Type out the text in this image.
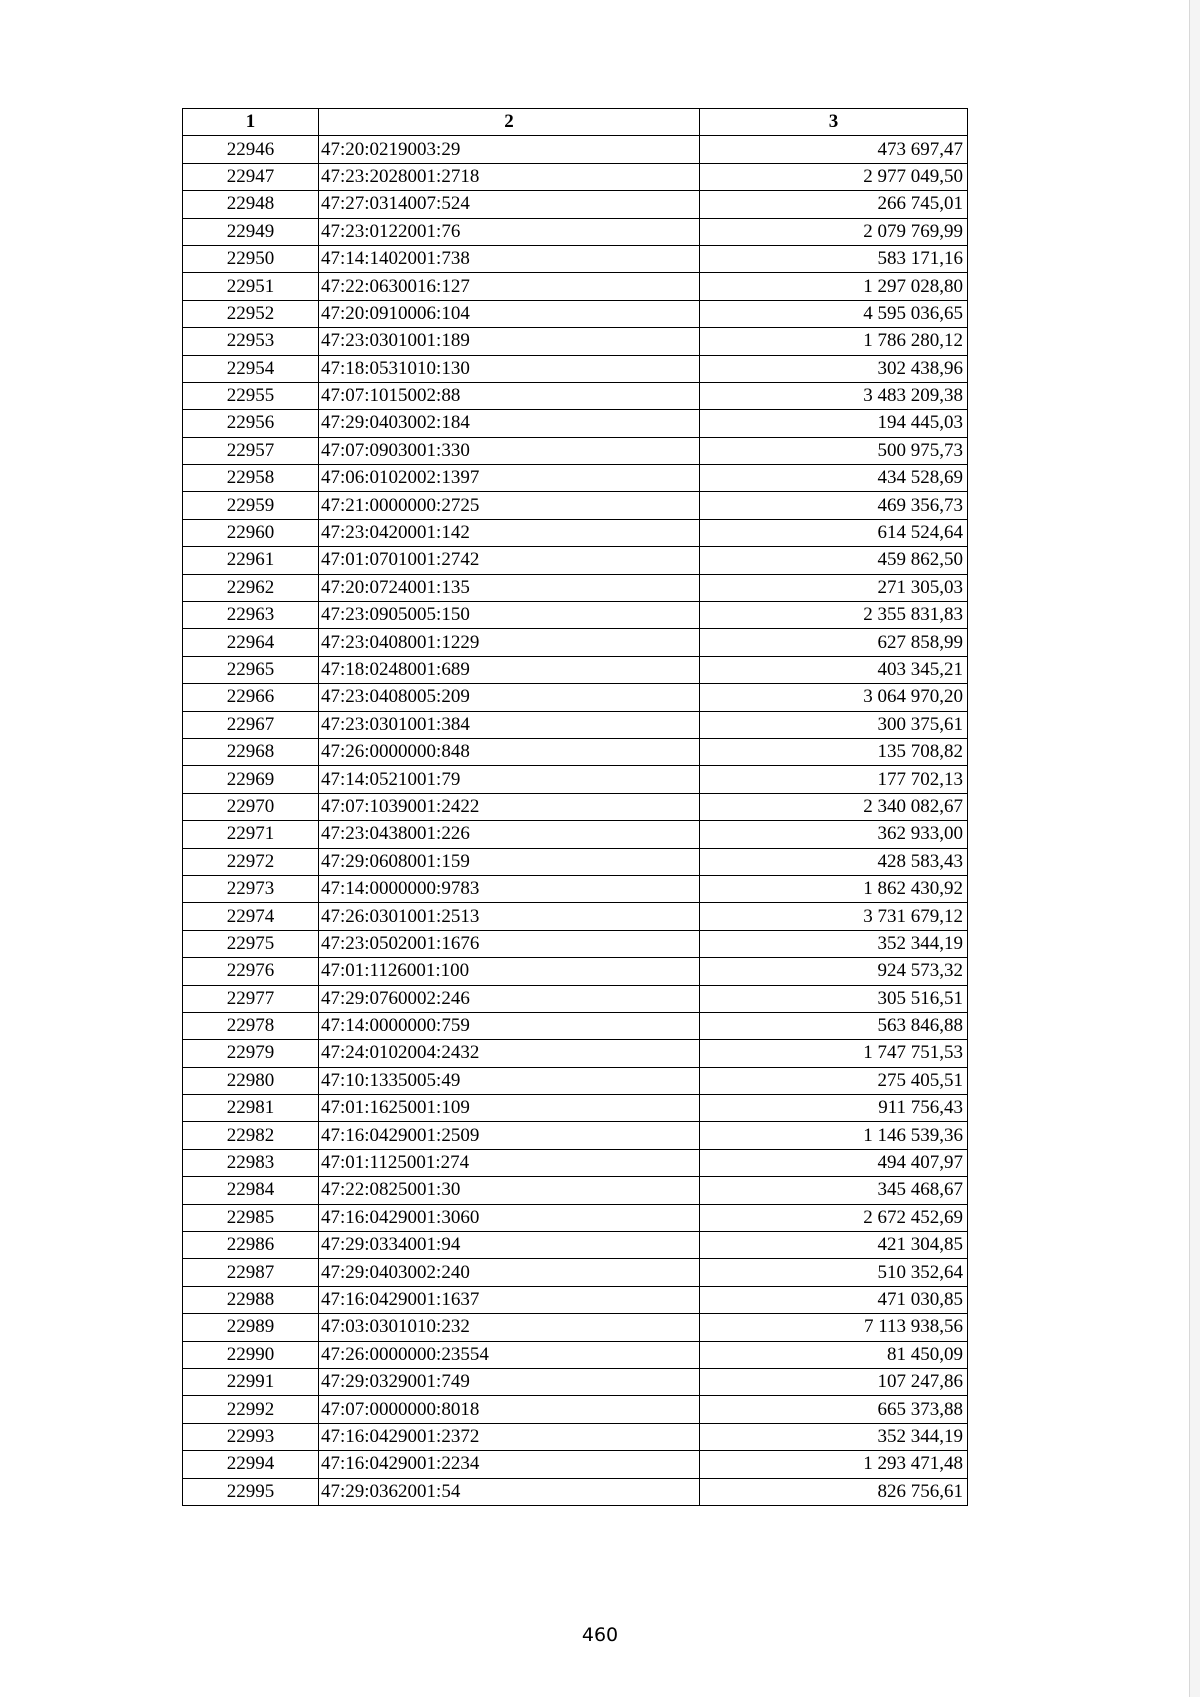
1	2	3
22946	47:20:0219003:29	473 697,47
22947	47:23:2028001:2718	2 977 049,50
22948	47:27:0314007:524	266 745,01
22949	47:23:0122001:76	2 079 769,99
22950	47:14:1402001:738	583 171,16
22951	47:22:0630016:127	1 297 028,80
22952	47:20:0910006:104	4 595 036,65
22953	47:23:0301001:189	1 786 280,12
22954	47:18:0531010:130	302 438,96
22955	47:07:1015002:88	3 483 209,38
22956	47:29:0403002:184	194 445,03
22957	47:07:0903001:330	500 975,73
22958	47:06:0102002:1397	434 528,69
22959	47:21:0000000:2725	469 356,73
22960	47:23:0420001:142	614 524,64
22961	47:01:0701001:2742	459 862,50
22962	47:20:0724001:135	271 305,03
22963	47:23:0905005:150	2 355 831,83
22964	47:23:0408001:1229	627 858,99
22965	47:18:0248001:689	403 345,21
22966	47:23:0408005:209	3 064 970,20
22967	47:23:0301001:384	300 375,61
22968	47:26:0000000:848	135 708,82
22969	47:14:0521001:79	177 702,13
22970	47:07:1039001:2422	2 340 082,67
22971	47:23:0438001:226	362 933,00
22972	47:29:0608001:159	428 583,43
22973	47:14:0000000:9783	1 862 430,92
22974	47:26:0301001:2513	3 731 679,12
22975	47:23:0502001:1676	352 344,19
22976	47:01:1126001:100	924 573,32
22977	47:29:0760002:246	305 516,51
22978	47:14:0000000:759	563 846,88
22979	47:24:0102004:2432	1 747 751,53
22980	47:10:1335005:49	275 405,51
22981	47:01:1625001:109	911 756,43
22982	47:16:0429001:2509	1 146 539,36
22983	47:01:1125001:274	494 407,97
22984	47:22:0825001:30	345 468,67
22985	47:16:0429001:3060	2 672 452,69
22986	47:29:0334001:94	421 304,85
22987	47:29:0403002:240	510 352,64
22988	47:16:0429001:1637	471 030,85
22989	47:03:0301010:232	7 113 938,56
22990	47:26:0000000:23554	81 450,09
22991	47:29:0329001:749	107 247,86
22992	47:07:0000000:8018	665 373,88
22993	47:16:0429001:2372	352 344,19
22994	47:16:0429001:2234	1 293 471,48
22995	47:29:0362001:54	826 756,61
460
